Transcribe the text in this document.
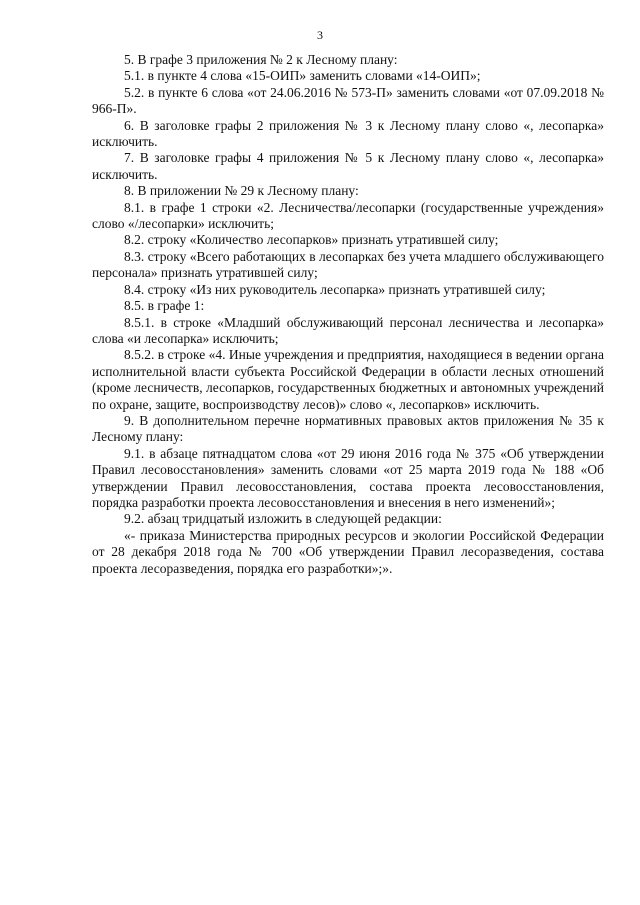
3

5. В графе 3 приложения № 2 к Лесному плану:

5.1. в пункте 4 слова «15-ОИП» заменить словами «14-ОИП»;

5.2. в пункте 6 слова «от 24.06.2016 № 573-П» заменить словами «от 07.09.2018 № 966-П».

6. В заголовке графы 2 приложения № 3 к Лесному плану слово «, лесопарка» исключить.

7. В заголовке графы 4 приложения № 5 к Лесному плану слово «, лесопарка» исключить.

8. В приложении № 29 к Лесному плану:

8.1. в графе 1 строки «2. Лесничества/лесопарки (государственные учреждения» слово «/лесопарки» исключить;

8.2. строку «Количество лесопарков» признать утратившей силу;

8.3. строку «Всего работающих в лесопарках без учета младшего обслуживающего персонала» признать утратившей силу;

8.4. строку «Из них руководитель лесопарка» признать утратившей силу;

8.5. в графе 1:

8.5.1. в строке «Младший обслуживающий персонал лесничества и лесопарка» слова «и лесопарка» исключить;

8.5.2. в строке «4. Иные учреждения и предприятия, находящиеся в ведении органа исполнительной власти субъекта Российской Федерации в области лесных отношений (кроме лесничеств, лесопарков, государственных бюджетных и автономных учреждений по охране, защите, воспроизводству лесов)» слово «, лесопарков» исключить.

9. В дополнительном перечне нормативных правовых актов приложения № 35 к Лесному плану:

9.1. в абзаце пятнадцатом слова «от 29 июня 2016 года № 375 «Об утверждении Правил лесовосстановления» заменить словами «от 25 марта 2019 года № 188 «Об утверждении Правил лесовосстановления, состава проекта лесовосстановления, порядка разработки проекта лесовосстановления и внесения в него изменений»;

9.2. абзац тридцатый изложить в следующей редакции:

«- приказа Министерства природных ресурсов и экологии Российской Федерации от 28 декабря 2018 года № 700 «Об утверждении Правил лесоразведения, состава проекта лесоразведения, порядка его разработки»;».
